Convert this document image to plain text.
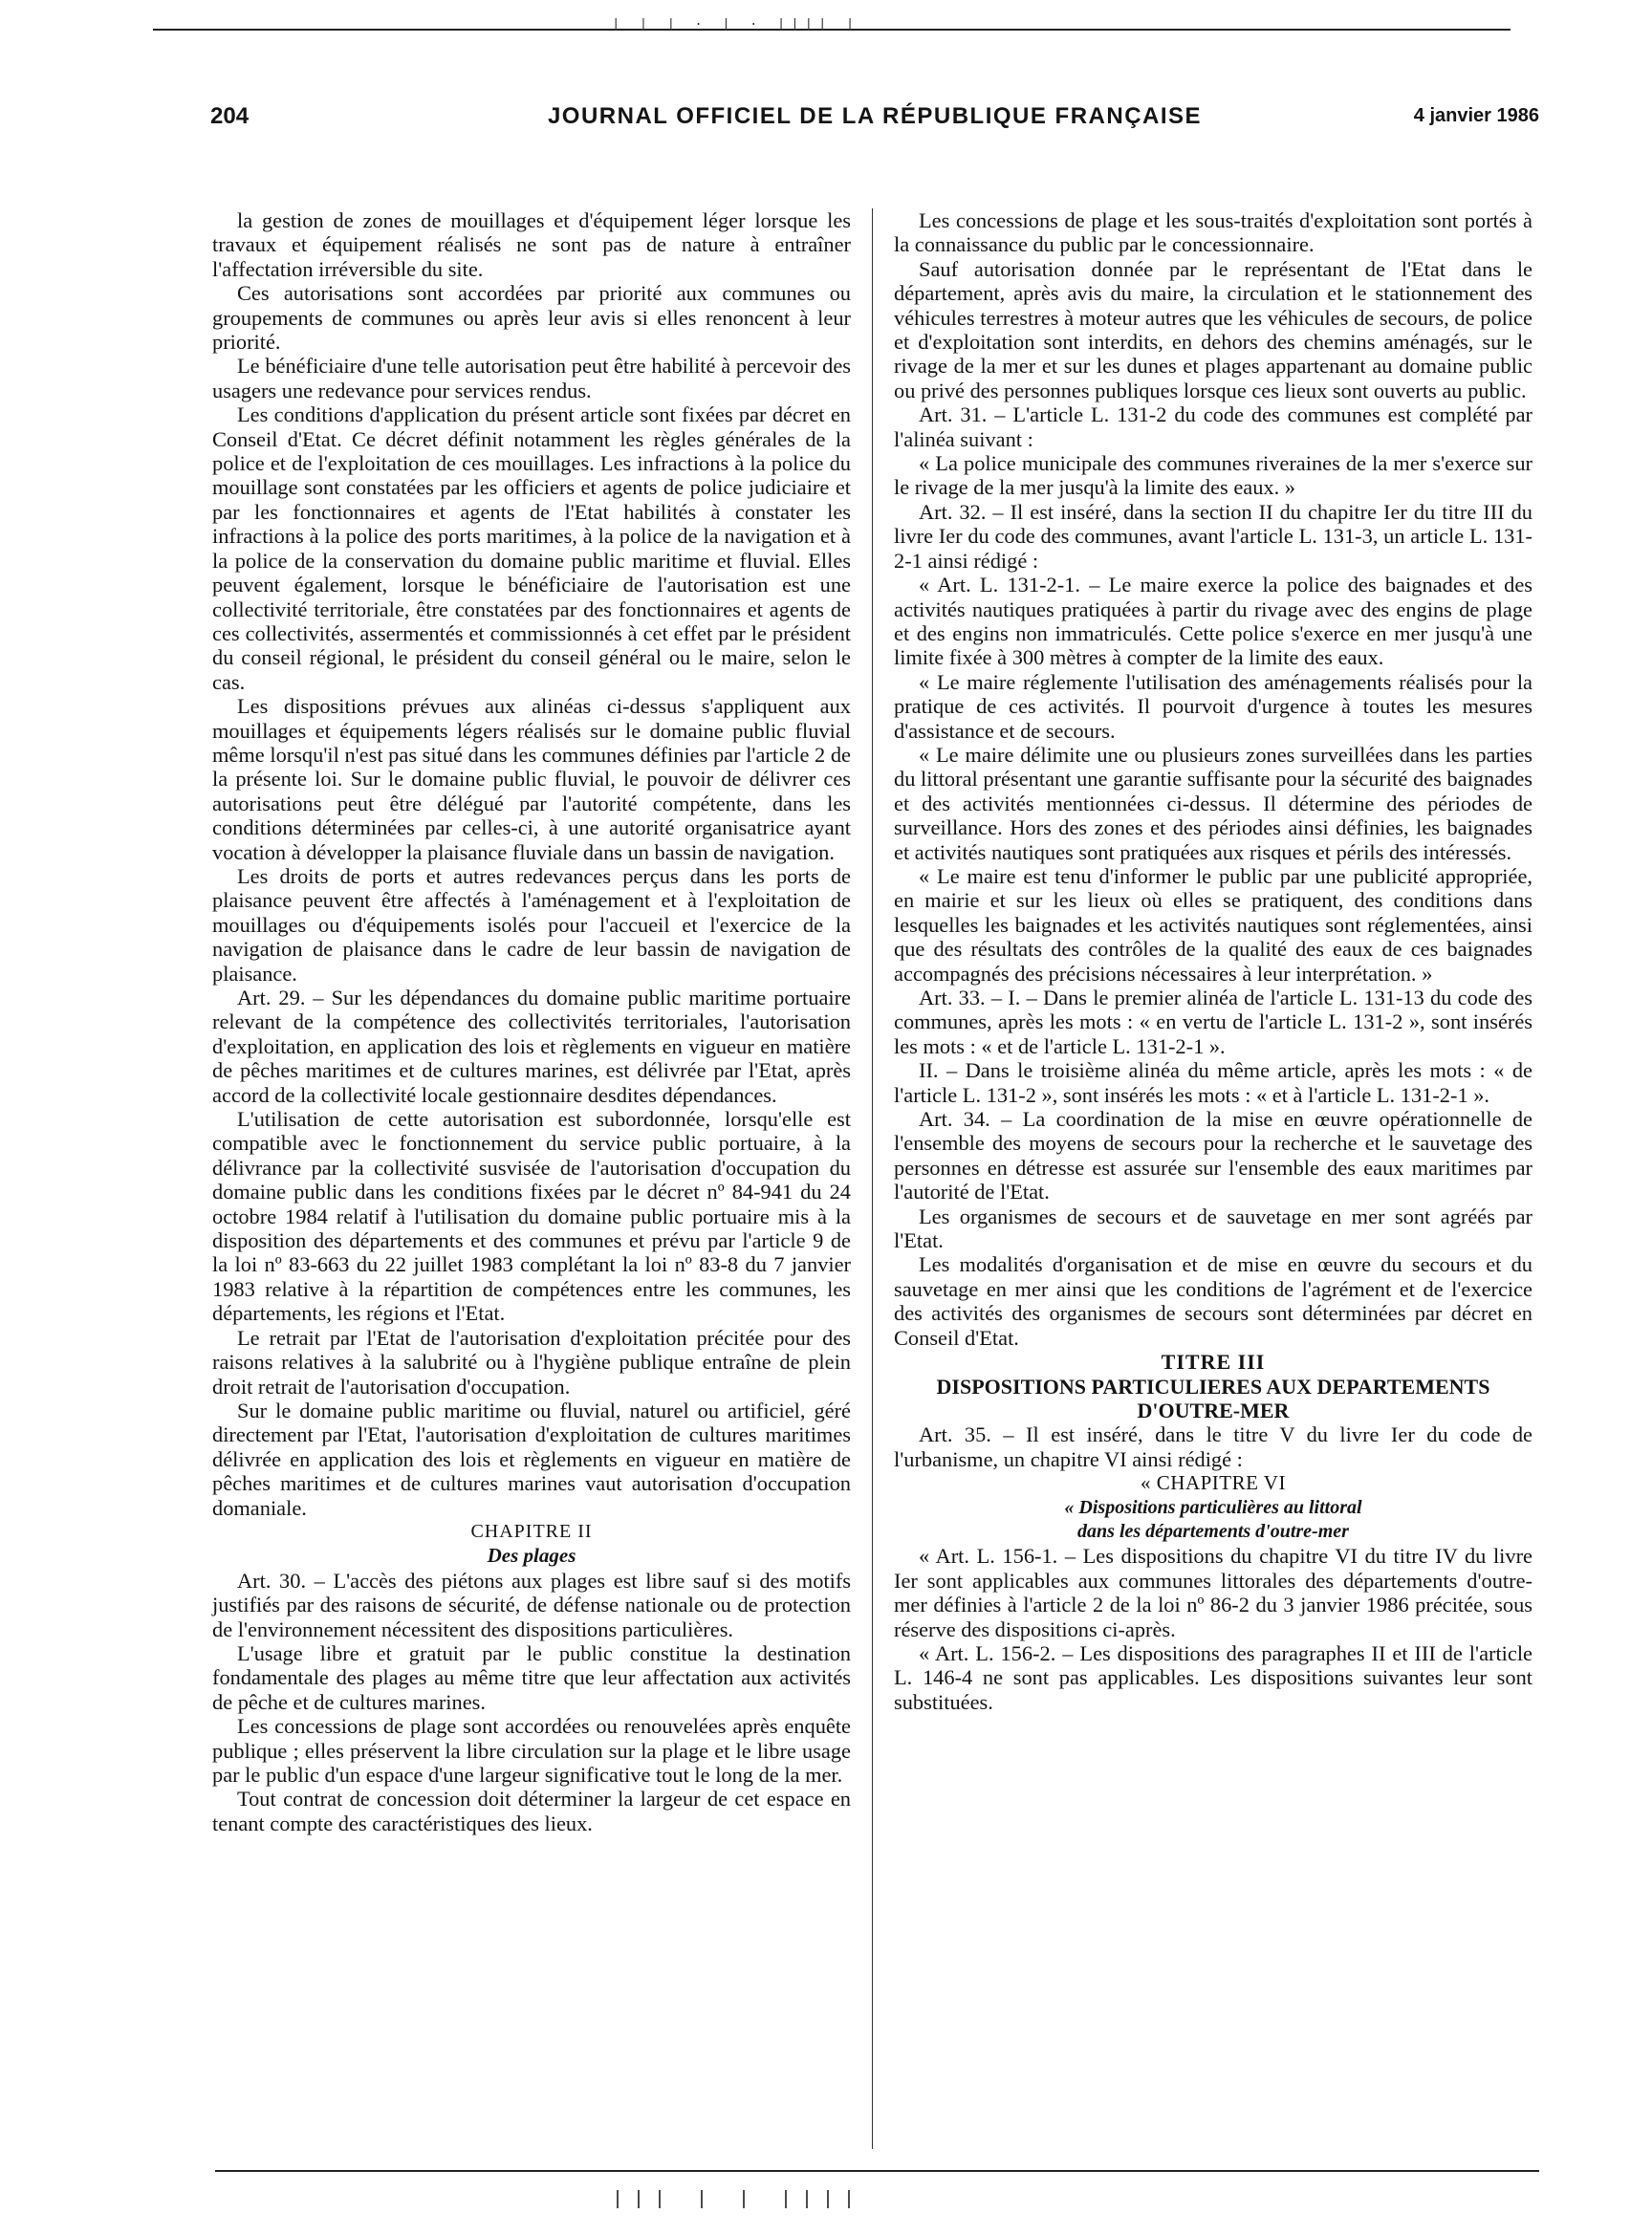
| | | · | · |||| |
204	JOURNAL OFFICIEL DE LA RÉPUBLIQUE FRANÇAISE	4 janvier 1986

la gestion de zones de mouillages et d'équipement léger lorsque les travaux et équipement réalisés ne sont pas de nature à entraîner l'affectation irréversible du site.

Ces autorisations sont accordées par priorité aux communes ou groupements de communes ou après leur avis si elles renoncent à leur priorité.

Le bénéficiaire d'une telle autorisation peut être habilité à percevoir des usagers une redevance pour services rendus.

Les conditions d'application du présent article sont fixées par décret en Conseil d'Etat. Ce décret définit notamment les règles générales de la police et de l'exploitation de ces mouillages. Les infractions à la police du mouillage sont constatées par les officiers et agents de police judiciaire et par les fonctionnaires et agents de l'Etat habilités à constater les infractions à la police des ports maritimes, à la police de la navigation et à la police de la conservation du domaine public maritime et fluvial. Elles peuvent également, lorsque le bénéficiaire de l'autorisation est une collectivité territoriale, être constatées par des fonctionnaires et agents de ces collectivités, assermentés et commissionnés à cet effet par le président du conseil régional, le président du conseil général ou le maire, selon le cas.

Les dispositions prévues aux alinéas ci-dessus s'appliquent aux mouillages et équipements légers réalisés sur le domaine public fluvial même lorsqu'il n'est pas situé dans les communes définies par l'article 2 de la présente loi. Sur le domaine public fluvial, le pouvoir de délivrer ces autorisations peut être délégué par l'autorité compétente, dans les conditions déterminées par celles-ci, à une autorité organisatrice ayant vocation à développer la plaisance fluviale dans un bassin de navigation.

Les droits de ports et autres redevances perçus dans les ports de plaisance peuvent être affectés à l'aménagement et à l'exploitation de mouillages ou d'équipements isolés pour l'accueil et l'exercice de la navigation de plaisance dans le cadre de leur bassin de navigation de plaisance.

Art. 29. – Sur les dépendances du domaine public maritime portuaire relevant de la compétence des collectivités territoriales, l'autorisation d'exploitation, en application des lois et règlements en vigueur en matière de pêches maritimes et de cultures marines, est délivrée par l'Etat, après accord de la collectivité locale gestionnaire desdites dépendances.

L'utilisation de cette autorisation est subordonnée, lorsqu'elle est compatible avec le fonctionnement du service public portuaire, à la délivrance par la collectivité susvisée de l'autorisation d'occupation du domaine public dans les conditions fixées par le décret nº 84-941 du 24 octobre 1984 relatif à l'utilisation du domaine public portuaire mis à la disposition des départements et des communes et prévu par l'article 9 de la loi nº 83-663 du 22 juillet 1983 complétant la loi nº 83-8 du 7 janvier 1983 relative à la répartition de compétences entre les communes, les départements, les régions et l'Etat.

Le retrait par l'Etat de l'autorisation d'exploitation précitée pour des raisons relatives à la salubrité ou à l'hygiène publique entraîne de plein droit retrait de l'autorisation d'occupation.

Sur le domaine public maritime ou fluvial, naturel ou artificiel, géré directement par l'Etat, l'autorisation d'exploitation de cultures maritimes délivrée en application des lois et règlements en vigueur en matière de pêches maritimes et de cultures marines vaut autorisation d'occupation domaniale.

CHAPITRE II

Des plages

Art. 30. – L'accès des piétons aux plages est libre sauf si des motifs justifiés par des raisons de sécurité, de défense nationale ou de protection de l'environnement nécessitent des dispositions particulières.

L'usage libre et gratuit par le public constitue la destination fondamentale des plages au même titre que leur affectation aux activités de pêche et de cultures marines.

Les concessions de plage sont accordées ou renouvelées après enquête publique ; elles préservent la libre circulation sur la plage et le libre usage par le public d'un espace d'une largeur significative tout le long de la mer.

Tout contrat de concession doit déterminer la largeur de cet espace en tenant compte des caractéristiques des lieux.

Les concessions de plage et les sous-traités d'exploitation sont portés à la connaissance du public par le concessionnaire.

Sauf autorisation donnée par le représentant de l'Etat dans le département, après avis du maire, la circulation et le stationnement des véhicules terrestres à moteur autres que les véhicules de secours, de police et d'exploitation sont interdits, en dehors des chemins aménagés, sur le rivage de la mer et sur les dunes et plages appartenant au domaine public ou privé des personnes publiques lorsque ces lieux sont ouverts au public.

Art. 31. – L'article L. 131-2 du code des communes est complété par l'alinéa suivant :

« La police municipale des communes riveraines de la mer s'exerce sur le rivage de la mer jusqu'à la limite des eaux. »

Art. 32. – Il est inséré, dans la section II du chapitre Ier du titre III du livre Ier du code des communes, avant l'article L. 131-3, un article L. 131-2-1 ainsi rédigé :

« Art. L. 131-2-1. – Le maire exerce la police des baignades et des activités nautiques pratiquées à partir du rivage avec des engins de plage et des engins non immatriculés. Cette police s'exerce en mer jusqu'à une limite fixée à 300 mètres à compter de la limite des eaux.

« Le maire réglemente l'utilisation des aménagements réalisés pour la pratique de ces activités. Il pourvoit d'urgence à toutes les mesures d'assistance et de secours.

« Le maire délimite une ou plusieurs zones surveillées dans les parties du littoral présentant une garantie suffisante pour la sécurité des baignades et des activités mentionnées ci-dessus. Il détermine des périodes de surveillance. Hors des zones et des périodes ainsi définies, les baignades et activités nautiques sont pratiquées aux risques et périls des intéressés.

« Le maire est tenu d'informer le public par une publicité appropriée, en mairie et sur les lieux où elles se pratiquent, des conditions dans lesquelles les baignades et les activités nautiques sont réglementées, ainsi que des résultats des contrôles de la qualité des eaux de ces baignades accompagnés des précisions nécessaires à leur interprétation. »

Art. 33. – I. – Dans le premier alinéa de l'article L. 131-13 du code des communes, après les mots : « en vertu de l'article L. 131-2 », sont insérés les mots : « et de l'article L. 131-2-1 ».

II. – Dans le troisième alinéa du même article, après les mots : « de l'article L. 131-2 », sont insérés les mots : « et à l'article L. 131-2-1 ».

Art. 34. – La coordination de la mise en œuvre opérationnelle de l'ensemble des moyens de secours pour la recherche et le sauvetage des personnes en détresse est assurée sur l'ensemble des eaux maritimes par l'autorité de l'Etat.

Les organismes de secours et de sauvetage en mer sont agréés par l'Etat.

Les modalités d'organisation et de mise en œuvre du secours et du sauvetage en mer ainsi que les conditions de l'agrément et de l'exercice des activités des organismes de secours sont déterminées par décret en Conseil d'Etat.

TITRE III

DISPOSITIONS PARTICULIERES AUX DEPARTEMENTS D'OUTRE-MER

Art. 35. – Il est inséré, dans le titre V du livre Ier du code de l'urbanisme, un chapitre VI ainsi rédigé :

« CHAPITRE VI

« Dispositions particulières au littoral

dans les départements d'outre-mer

« Art. L. 156-1. – Les dispositions du chapitre VI du titre IV du livre Ier sont applicables aux communes littorales des départements d'outre-mer définies à l'article 2 de la loi nº 86-2 du 3 janvier 1986 précitée, sous réserve des dispositions ci-après.

« Art. L. 156-2. – Les dispositions des paragraphes II et III de l'article L. 146-4 ne sont pas applicables. Les dispositions suivantes leur sont substituées.

||| | | ||||
